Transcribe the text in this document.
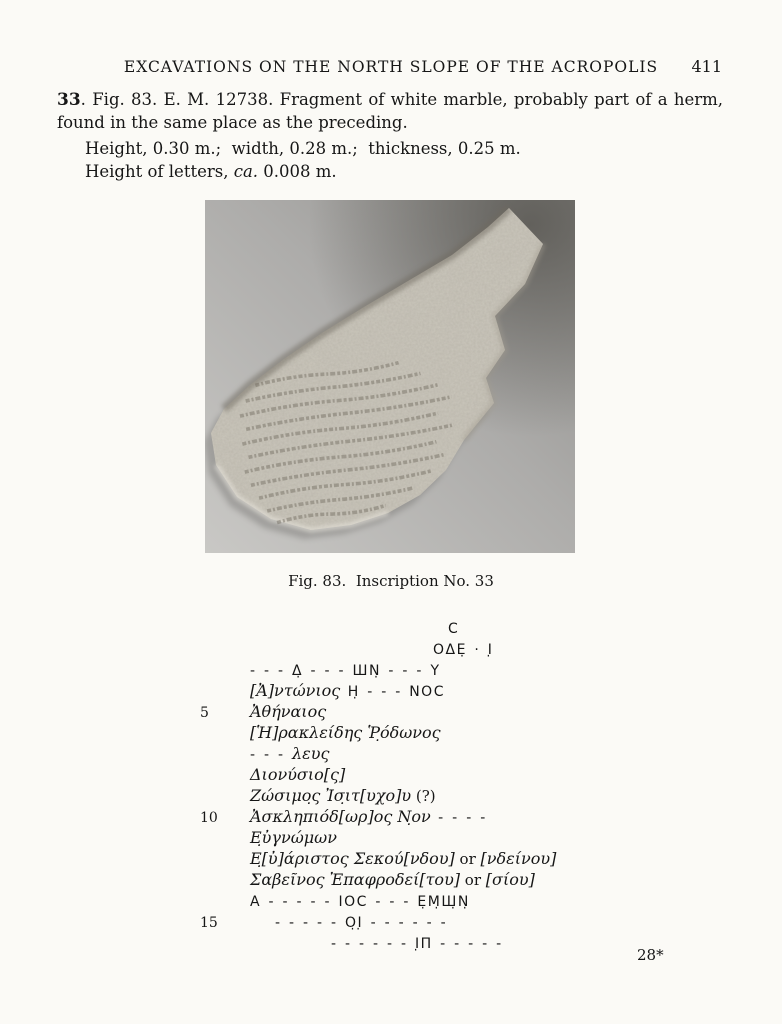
EXCAVATIONS ON THE NORTH SLOPE OF THE ACROPOLIS	411
33. Fig. 83. E. M. 12738. Fragment of white marble, probably part of a herm,
found in the same place as the preceding.
Height, 0.30 m.;  width, 0.28 m.;  thickness, 0.25 m.
Height of letters, ca. 0.008 m.
Fig. 83.  Inscription No. 33
Ϲ
ΟΔΕ̣ · Ι̣
- - - Δ̣ - - - ШΝ̣ - - - Υ
[Ἀ]ντώνιος Η̣ - - - ΝΟϹ
5	Ἀθή̣ναιος
[Ἡ]ρακλείδη̣ς Ῥ̣όδωνος
- - - λευς
Διονύσιο[ς]
Ζώσιμο̣ς Ἰσ̣ιτ[υχο]υ (?)
10	Ἀσκληπιόδ[ωρ]ος Ν̣ον - - - -
Ε̣ὐγνώμων
Ε̣[ὐ]άριστος Σεκού[νδου] or [νδείνου]
Σαβεῖνος Ἐπαφροδεί[του] or [σίου]
Α - - - - - ΙΟϹ - - - Ε̣Μ̣Ш̣Ν̣
15	- - - - - Ο̣Ι̣ - - - - - -
- - - - - - Ι̣Π - - - - -
28*
